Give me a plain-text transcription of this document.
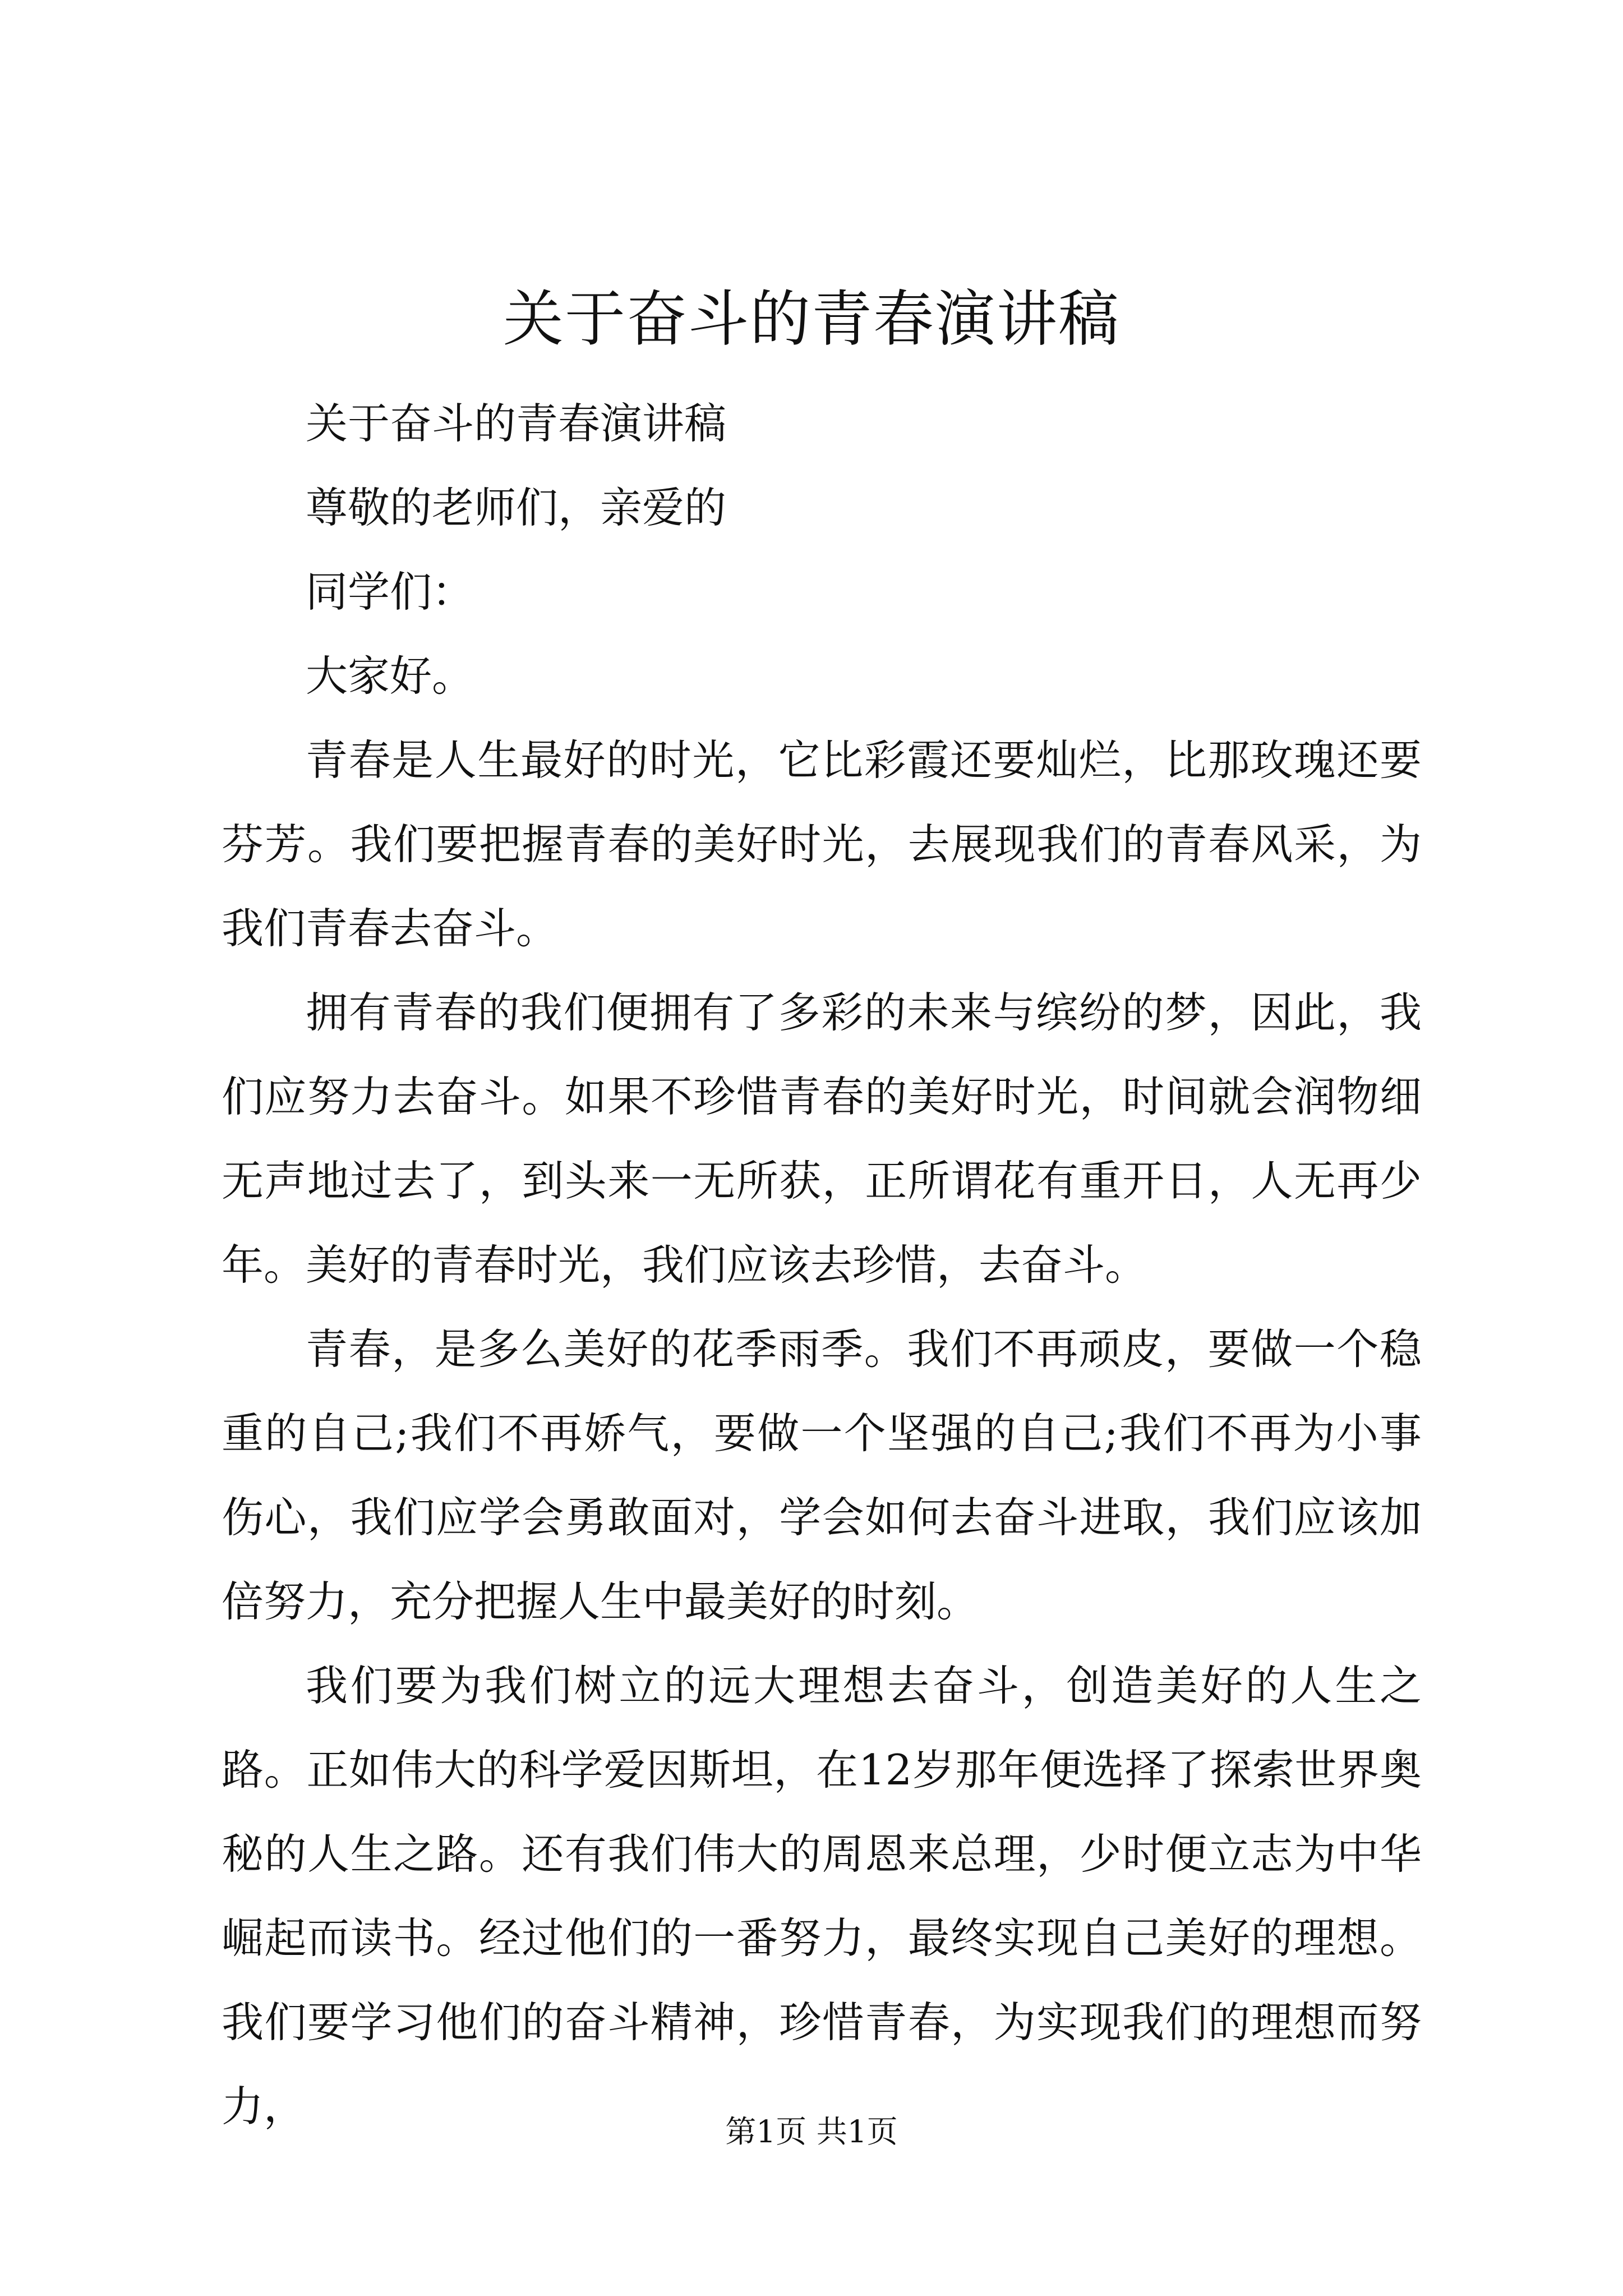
关于奋斗的青春演讲稿

关于奋斗的青春演讲稿

尊敬的老师们，亲爱的

同学们：

大家好。

青春是人生最好的时光，它比彩霞还要灿烂，比那玫瑰还要芬芳。我们要把握青春的美好时光，去展现我们的青春风采，为我们青春去奋斗。

拥有青春的我们便拥有了多彩的未来与缤纷的梦，因此，我们应努力去奋斗。如果不珍惜青春的美好时光，时间就会润物细无声地过去了，到头来一无所获，正所谓花有重开日，人无再少年。美好的青春时光，我们应该去珍惜，去奋斗。

青春，是多么美好的花季雨季。我们不再顽皮，要做一个稳重的自己;我们不再娇气，要做一个坚强的自己;我们不再为小事伤心，我们应学会勇敢面对，学会如何去奋斗进取，我们应该加倍努力，充分把握人生中最美好的时刻。

我们要为我们树立的远大理想去奋斗，创造美好的人生之路。正如伟大的科学爱因斯坦，在12岁那年便选择了探索世界奥秘的人生之路。还有我们伟大的周恩来总理，少时便立志为中华崛起而读书。经过他们的一番努力，最终实现自己美好的理想。我们要学习他们的奋斗精神，珍惜青春，为实现我们的理想而努力，

第1页 共1页
